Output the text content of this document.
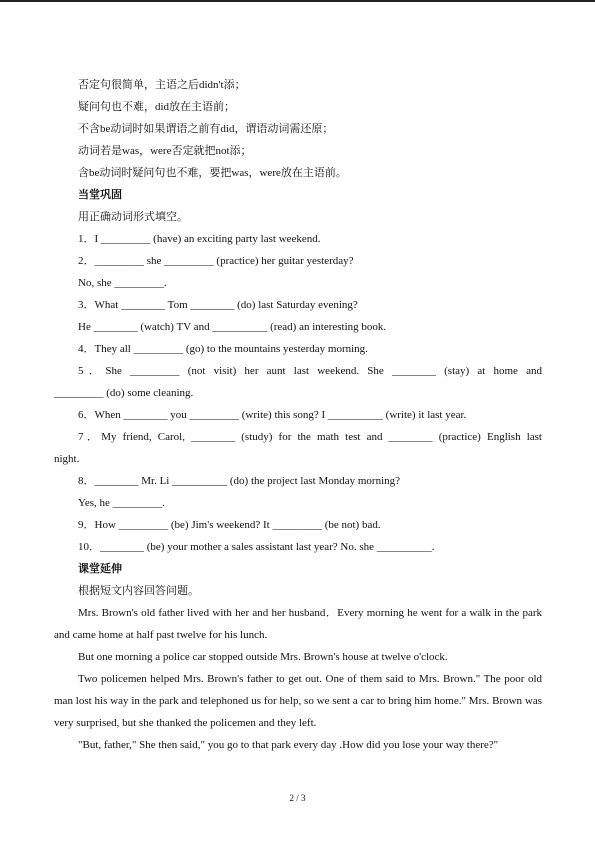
否定句很简单，主语之后didn't添；
疑问句也不难，did放在主语前；
不含be动词时如果谓语之前有did，谓语动词需还原；
动词若是was，were否定就把not添；
含be动词时疑问句也不难，要把was，were放在主语前。
当堂巩固
用正确动词形式填空。
1．I _________ (have) an exciting party last weekend.
2．_________ she _________ (practice) her guitar yesterday?
No, she _________.
3．What ________ Tom ________ (do) last Saturday evening?
He ________ (watch) TV and __________ (read) an interesting book.
4．They all _________ (go) to the mountains yesterday morning.
5．She _________ (not visit) her aunt last weekend. She ________ (stay) at home and
_________ (do) some cleaning.
6．When ________ you _________ (write) this song? I __________ (write) it last year.
7．My friend, Carol, ________ (study) for the math test and ________ (practice) English last
night.
8．________ Mr. Li __________ (do) the project last Monday morning?
Yes, he _________.
9．How _________ (be) Jim's weekend? It _________ (be not) bad.
10．________ (be) your mother a sales assistant last year? No. she __________.
课堂延伸
根据短文内容回答问题。
Mrs. Brown's old father lived with her and her husband．Every morning he went for a walk in the park and came home at half past twelve for his lunch.
But one morning a police car stopped outside Mrs. Brown's house at twelve o'clock.
Two policemen helped Mrs. Brown's father to get out. One of them said to Mrs. Brown." The poor old man lost his way in the park and telephoned us for help, so we sent a car to bring him home." Mrs. Brown was very surprised, but she thanked the policemen and they left.
"But, father," She then said," you go to that park every day .How did you lose your way there?"
2 / 3
